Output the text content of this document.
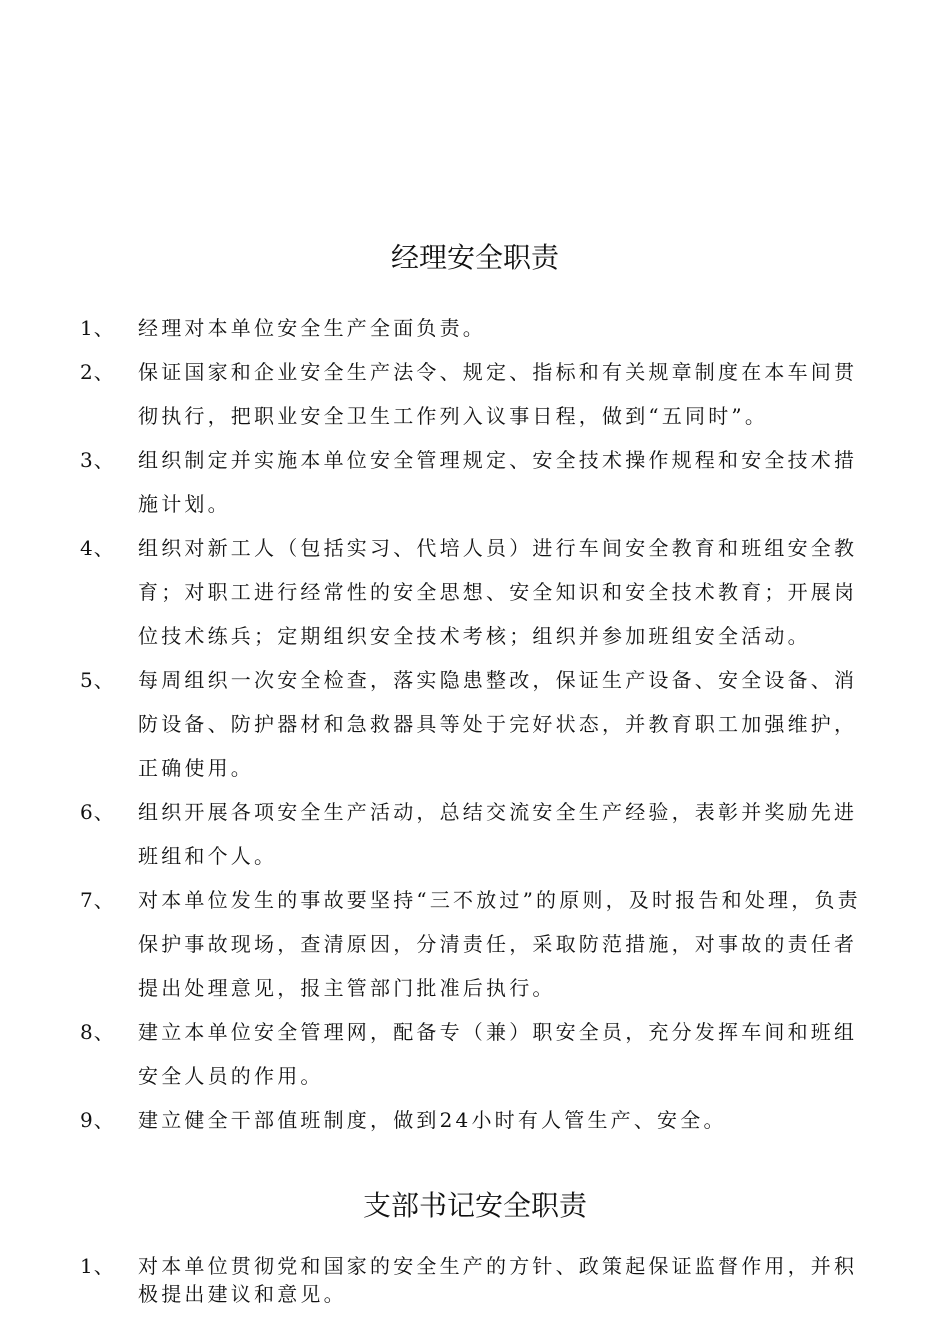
经理安全职责
1、 经理对本单位安全生产全面负责。
2、 保证国家和企业安全生产法令、规定、指标和有关规章制度在本车间贯彻执行，把职业安全卫生工作列入议事日程，做到“五同时”。
3、 组织制定并实施本单位安全管理规定、安全技术操作规程和安全技术措施计划。
4、 组织对新工人（包括实习、代培人员）进行车间安全教育和班组安全教育；对职工进行经常性的安全思想、安全知识和安全技术教育；开展岗位技术练兵；定期组织安全技术考核；组织并参加班组安全活动。
5、 每周组织一次安全检查，落实隐患整改，保证生产设备、安全设备、消防设备、防护器材和急救器具等处于完好状态，并教育职工加强维护，正确使用。
6、 组织开展各项安全生产活动，总结交流安全生产经验，表彰并奖励先进班组和个人。
7、 对本单位发生的事故要坚持“三不放过”的原则，及时报告和处理，负责保护事故现场，查清原因，分清责任，采取防范措施，对事故的责任者提出处理意见，报主管部门批准后执行。
8、 建立本单位安全管理网，配备专（兼）职安全员，充分发挥车间和班组安全人员的作用。
9、 建立健全干部值班制度，做到24小时有人管生产、安全。
支部书记安全职责
1、 对本单位贯彻党和国家的安全生产的方针、政策起保证监督作用，并积极提出建议和意见。
